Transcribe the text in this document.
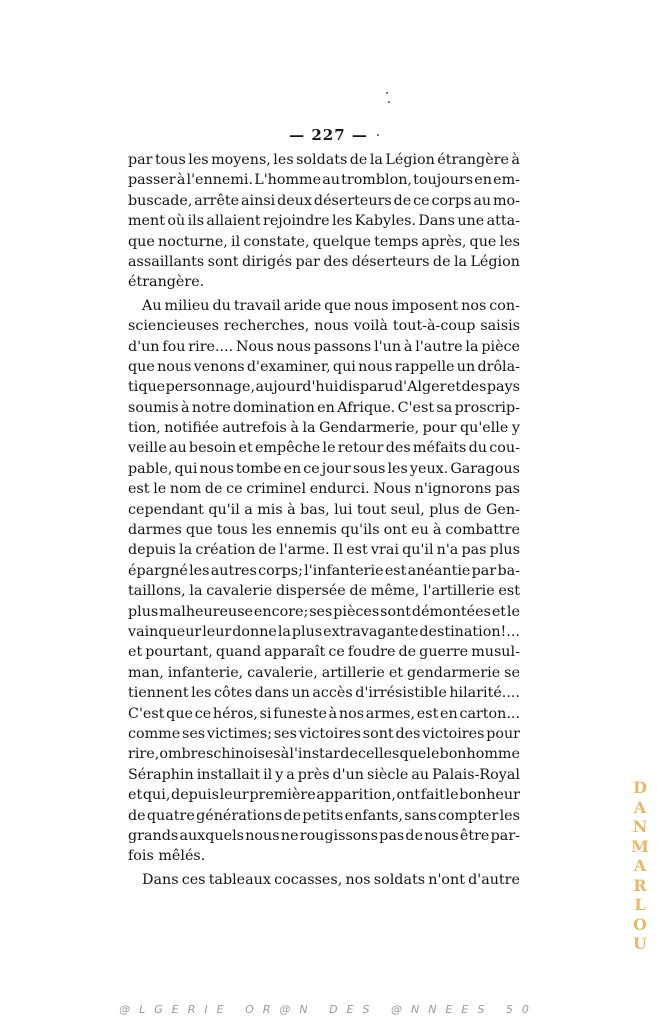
— 227 —
par tous les moyens, les soldats de la Légion étrangère à
passer à l'ennemi. L'homme au tromblon, toujours en em-
buscade, arrête ainsi deux déserteurs de ce corps au mo-
ment où ils allaient rejoindre les Kabyles. Dans une atta-
que nocturne, il constate, quelque temps après, que les
assaillants sont dirigés par des déserteurs de la Légion
étrangère.
Au milieu du travail aride que nous imposent nos con-
sciencieuses recherches, nous voilà tout-à-coup saisis
d'un fou rire.... Nous nous passons l'un à l'autre la pièce
que nous venons d'examiner, qui nous rappelle un drôla-
tique personnage, aujourd'hui disparu d'Alger et des pays
soumis à notre domination en Afrique. C'est sa proscrip-
tion, notifiée autrefois à la Gendarmerie, pour qu'elle y
veille au besoin et empêche le retour des méfaits du cou-
pable, qui nous tombe en ce jour sous les yeux. Garagous
est le nom de ce criminel endurci. Nous n'ignorons pas
cependant qu'il a mis à bas, lui tout seul, plus de Gen-
darmes que tous les ennemis qu'ils ont eu à combattre
depuis la création de l'arme. Il est vrai qu'il n'a pas plus
épargné les autres corps; l'infanterie est anéantie par ba-
taillons, la cavalerie dispersée de même, l'artillerie est
plus malheureuse encore; ses pièces sont démontées et le
vainqueur leur donne la plus extravagante destination!...
et pourtant, quand apparaît ce foudre de guerre musul-
man, infanterie, cavalerie, artillerie et gendarmerie se
tiennent les côtes dans un accès d'irrésistible hilarité....
C'est que ce héros, si funeste à nos armes, est en carton...
comme ses victimes; ses victoires sont des victoires pour
rire, ombres chinoises à l'instar de celles que le bonhomme
Séraphin installait il y a près d'un siècle au Palais-Royal
et qui, depuis leur première apparition, ont fait le bonheur
de quatre générations de petits enfants, sans compter les
grands auxquels nous ne rougissons pas de nous être par-
fois mêlés.
Dans ces tableaux cocasses, nos soldats n'ont d'autre
D
A
N
M
A
R
L
O
U
@LGERIE OR@N DES @NNEES 50
